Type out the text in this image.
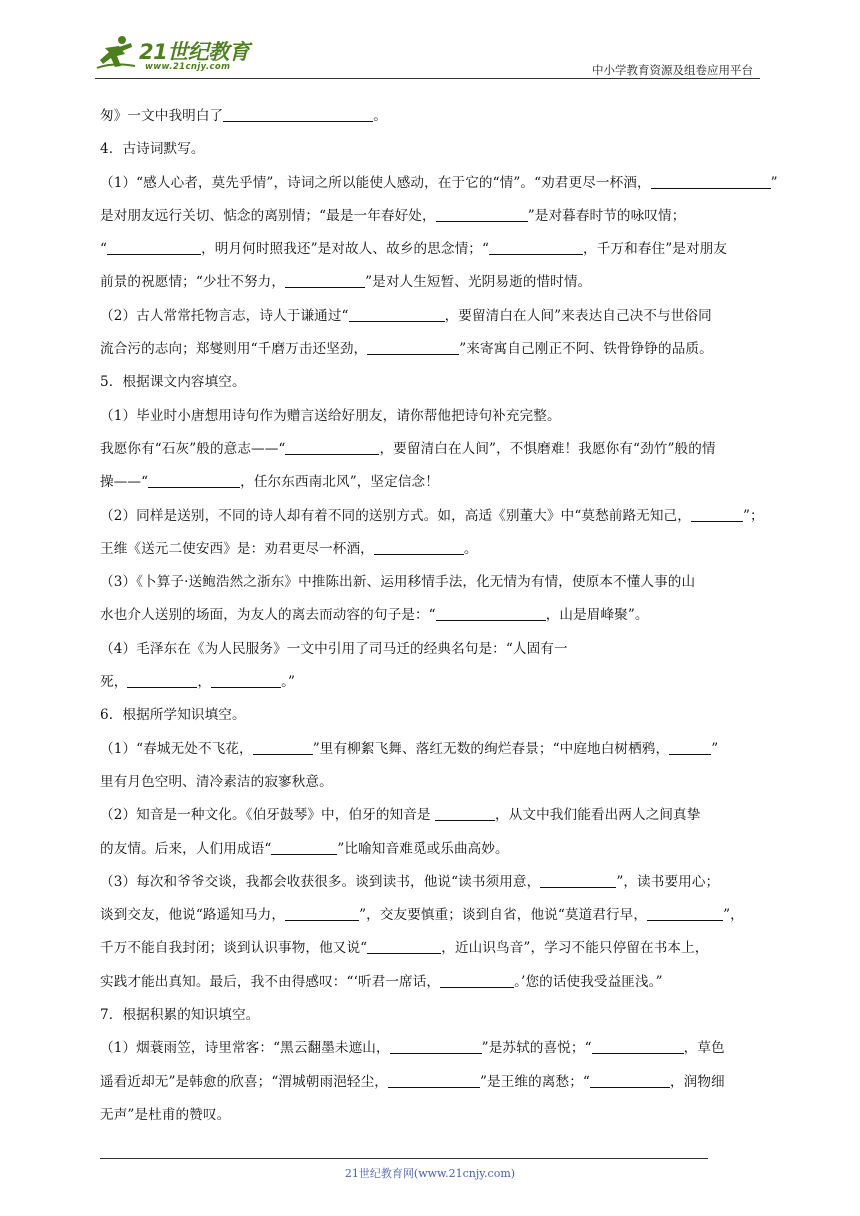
21世纪教育
www.21cnjy.com	中小学教育资源及组卷应用平台
匆》一文中我明白了	。
4．古诗词默写。
（1）“感人心者，莫先乎情”，诗词之所以能使人感动，在于它的“情”。“劝君更尽一杯酒，	”
是对朋友远行关切、惦念的离别情；“最是一年春好处，	”是对暮春时节的咏叹情；
“	，明月何时照我还”是对故人、故乡的思念情；“	，千万和春住”是对朋友
前景的祝愿情；“少壮不努力，	”是对人生短暂、光阴易逝的惜时情。
（2）古人常常托物言志，诗人于谦通过“	，要留清白在人间”来表达自己决不与世俗同
流合污的志向；郑燮则用“千磨万击还坚劲，	”来寄寓自己刚正不阿、铁骨铮铮的品质。
5．根据课文内容填空。
（1）毕业时小唐想用诗句作为赠言送给好朋友，请你帮他把诗句补充完整。
我愿你有“石灰”般的意志——“	，要留清白在人间”，不惧磨难！我愿你有“劲竹”般的情
操——“	，任尔东西南北风”，坚定信念！
（2）同样是送别，不同的诗人却有着不同的送别方式。如，高适《别董大》中“莫愁前路无知己，	”；
王维《送元二使安西》是：劝君更尽一杯酒，	。
（3）《卜算子·送鲍浩然之浙东》中推陈出新、运用移情手法，化无情为有情，使原本不懂人事的山
水也介人送别的场面，为友人的离去而动容的句子是：“	，山是眉峰聚”。
（4）毛泽东在《为人民服务》一文中引用了司马迁的经典名句是：“人固有一
死，	，	。”
6．根据所学知识填空。
（1）“春城无处不飞花，	”里有柳絮飞舞、落红无数的绚烂春景；“中庭地白树栖鸦，	”
里有月色空明、清冷素洁的寂寥秋意。
（2）知音是一种文化。《伯牙鼓琴》中，伯牙的知音是	，从文中我们能看出两人之间真挚
的友情。后来，人们用成语“	”比喻知音难觅或乐曲高妙。
（3）每次和爷爷交谈，我都会收获很多。谈到读书，他说“读书须用意，	”，读书要用心；
谈到交友，他说“路遥知马力，	”，交友要慎重；谈到自省，他说“莫道君行早，	”，
千万不能自我封闭；谈到认识事物，他又说“	，近山识鸟音”，学习不能只停留在书本上，
实践才能出真知。最后，我不由得感叹：“‘听君一席话，	。’您的话使我受益匪浅。”
7．根据积累的知识填空。
（1）烟蓑雨笠，诗里常客：“黑云翻墨未遮山，	”是苏轼的喜悦；“	，草色
遥看近却无”是韩愈的欣喜；“渭城朝雨浥轻尘，	”是王维的离愁；“	，润物细
无声”是杜甫的赞叹。
21世纪教育网(www.21cnjy.com)
